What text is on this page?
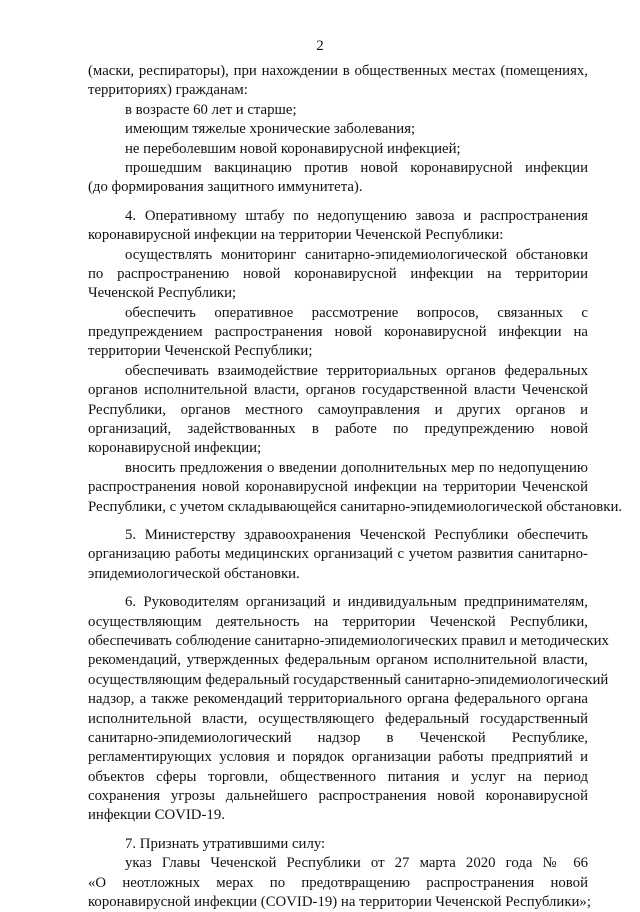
2
(маски, респираторы), при нахождении в общественных местах (помещениях,
территориях) гражданам:
в возрасте 60 лет и старше;
имеющим тяжелые хронические заболевания;
не переболевшим новой коронавирусной инфекцией;
прошедшим вакцинацию против новой коронавирусной инфекции
(до формирования защитного иммунитета).
4. Оперативному штабу по недопущению завоза и распространения
коронавирусной инфекции на территории Чеченской Республики:
осуществлять мониторинг санитарно-эпидемиологической обстановки
по распространению новой коронавирусной инфекции на территории
Чеченской Республики;
обеспечить оперативное рассмотрение вопросов, связанных с
предупреждением распространения новой коронавирусной инфекции на
территории Чеченской Республики;
обеспечивать взаимодействие территориальных органов федеральных
органов исполнительной власти, органов государственной власти Чеченской
Республики, органов местного самоуправления и других органов и
организаций, задействованных в работе по предупреждению новой
коронавирусной инфекции;
вносить предложения о введении дополнительных мер по недопущению
распространения новой коронавирусной инфекции на территории Чеченской
Республики, с учетом складывающейся санитарно-эпидемиологической обстановки.
5. Министерству здравоохранения Чеченской Республики обеспечить
организацию работы медицинских организаций с учетом развития санитарно-
эпидемиологической обстановки.
6. Руководителям организаций и индивидуальным предпринимателям,
осуществляющим деятельность на территории Чеченской Республики,
обеспечивать соблюдение санитарно-эпидемиологических правил и методических
рекомендаций, утвержденных федеральным органом исполнительной власти,
осуществляющим федеральный государственный санитарно-эпидемиологический
надзор, а также рекомендаций территориального органа федерального органа
исполнительной власти, осуществляющего федеральный государственный
санитарно-эпидемиологический надзор в Чеченской Республике,
регламентирующих условия и порядок организации работы предприятий и
объектов сферы торговли, общественного питания и услуг на период
сохранения угрозы дальнейшего распространения новой коронавирусной
инфекции COVID-19.
7. Признать утратившими силу:
указ Главы Чеченской Республики от 27 марта 2020 года № 66
«О неотложных мерах по предотвращению распространения новой
коронавирусной инфекции (COVID-19) на территории Чеченской Республики»;
